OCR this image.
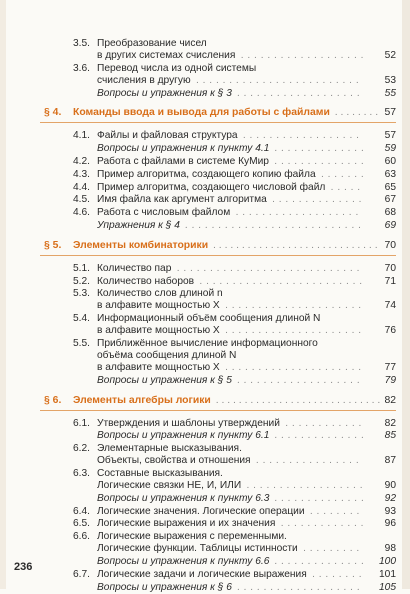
3.5. Преобразование чисел
в других системах счисления . . .	52
3.6. Перевод числа из одной системы
счисления в другую . . .	53
Вопросы и упражнения к § 3 . . .	55
§ 4. Команды ввода и вывода для работы с файлами . . .	57
4.1. Файлы и файловая структура . . .	57
Вопросы и упражнения к пункту 4.1 . . .	59
4.2. Работа с файлами в системе КуМир . . .	60
4.3. Пример алгоритма, создающего копию файла . . .	63
4.4. Пример алгоритма, создающего числовой файл . . .	65
4.5. Имя файла как аргумент алгоритма . . .	67
4.6. Работа с числовым файлом . . .	68
Упражнения к § 4 . . .	69
§ 5. Элементы комбинаторики . . .	70
5.1. Количество пар . . .	70
5.2. Количество наборов . . .	71
5.3. Количество слов длиной n
в алфавите мощностью X . . .	74
5.4. Информационный объём сообщения длиной N
в алфавите мощностью X . . .	76
5.5. Приближённое вычисление информационного
объёма сообщения длиной N
в алфавите мощностью X . . .	77
Вопросы и упражнения к § 5 . . .	79
§ 6. Элементы алгебры логики . . .	82
6.1. Утверждения и шаблоны утверждений . . .	82
Вопросы и упражнения к пункту 6.1 . . .	85
6.2. Элементарные высказывания.
Объекты, свойства и отношения . . .	87
6.3. Составные высказывания.
Логические связки НЕ, И, ИЛИ . . .	90
Вопросы и упражнения к пункту 6.3 . . .	92
6.4. Логические значения. Логические операции . . .	93
6.5. Логические выражения и их значения . . .	96
6.6. Логические выражения с переменными.
Логические функции. Таблицы истинности . . .	98
Вопросы и упражнения к пункту 6.6 . . .	100
6.7. Логические задачи и логические выражения . . .	101
Вопросы и упражнения к § 6 . . .	105
236
